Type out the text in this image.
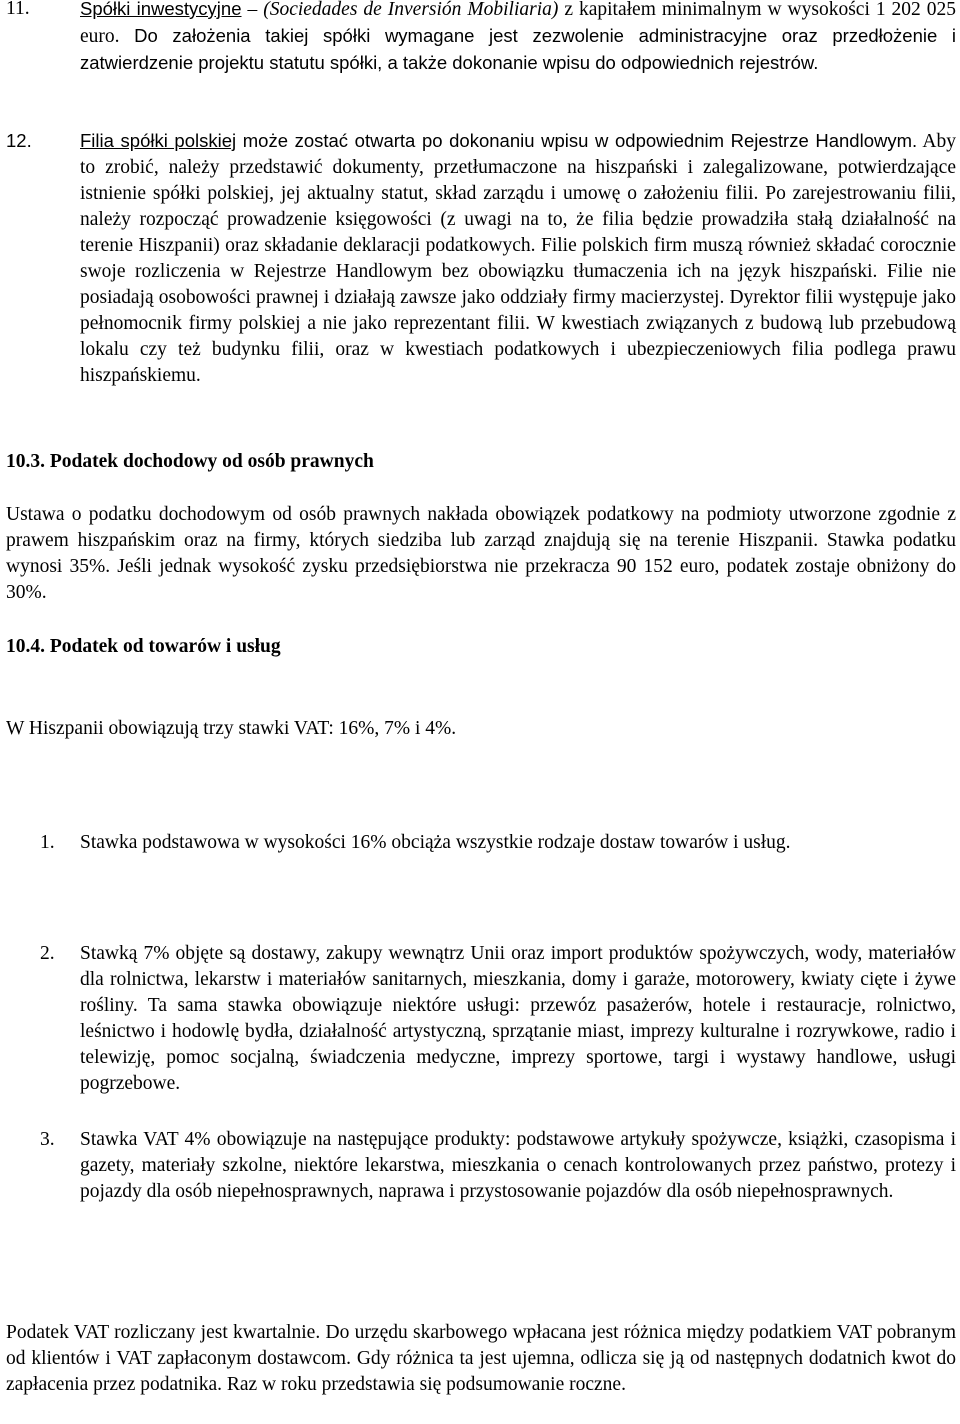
11.	Spółki inwestycyjne – (Sociedades de Inversión Mobiliaria) z kapitałem minimalnym w wysokości 1 202 025 euro. Do założenia takiej spółki wymagane jest zezwolenie administracyjne oraz przedłożenie i zatwierdzenie projektu statutu spółki, a także dokonanie wpisu do odpowiednich rejestrów.
12.	Filia spółki polskiej może zostać otwarta po dokonaniu wpisu w odpowiednim Rejestrze Handlowym. Aby to zrobić, należy przedstawić dokumenty, przetłumaczone na hiszpański i zalegalizowane, potwierdzające istnienie spółki polskiej, jej aktualny statut, skład zarządu i umowę o założeniu filii. Po zarejestrowaniu filii, należy rozpocząć prowadzenie księgowości (z uwagi na to, że filia będzie prowadziła stałą działalność na terenie Hiszpanii) oraz składanie deklaracji podatkowych. Filie polskich firm muszą również składać corocznie swoje rozliczenia w Rejestrze Handlowym bez obowiązku tłumaczenia ich na język hiszpański. Filie nie posiadają osobowości prawnej i działają zawsze jako oddziały firmy macierzystej. Dyrektor filii występuje jako pełnomocnik firmy polskiej a nie jako reprezentant filii. W kwestiach związanych z budową lub przebudową lokalu czy też budynku filii, oraz w kwestiach podatkowych i ubezpieczeniowych filia podlega prawu hiszpańskiemu.

10.3. Podatek dochodowy od osób prawnych

Ustawa o podatku dochodowym od osób prawnych nakłada obowiązek podatkowy na podmioty utworzone zgodnie z prawem hiszpańskim oraz na firmy, których siedziba lub zarząd znajdują się na terenie Hiszpanii. Stawka podatku wynosi 35%. Jeśli jednak wysokość zysku przedsiębiorstwa nie przekracza 90 152 euro, podatek zostaje obniżony do 30%.

10.4. Podatek od towarów i usług

W Hiszpanii obowiązują trzy stawki VAT: 16%, 7% i 4%.

1.	Stawka podstawowa w wysokości 16% obciąża wszystkie rodzaje dostaw towarów i usług.
2.	Stawką 7% objęte są dostawy, zakupy wewnątrz Unii oraz import produktów spożywczych, wody, materiałów dla rolnictwa, lekarstw i materiałów sanitarnych, mieszkania, domy i garaże, motorowery, kwiaty cięte i żywe rośliny. Ta sama stawka obowiązuje niektóre usługi: przewóz pasażerów, hotele i restauracje, rolnictwo, leśnictwo i hodowlę bydła, działalność artystyczną, sprzątanie miast, imprezy kulturalne i rozrywkowe, radio i telewizję, pomoc socjalną, świadczenia medyczne, imprezy sportowe, targi i wystawy handlowe, usługi pogrzebowe.
3.	Stawka VAT 4% obowiązuje na następujące produkty: podstawowe artykuły spożywcze, książki, czasopisma i gazety, materiały szkolne, niektóre lekarstwa, mieszkania o cenach kontrolowanych przez państwo, protezy i pojazdy dla osób niepełnosprawnych, naprawa i przystosowanie pojazdów dla osób niepełnosprawnych.

Podatek VAT rozliczany jest kwartalnie. Do urzędu skarbowego wpłacana jest różnica między podatkiem VAT pobranym od klientów i VAT zapłaconym dostawcom. Gdy różnica ta jest ujemna, odlicza się ją od następnych dodatnich kwot do zapłacenia przez podatnika. Raz w roku przedstawia się podsumowanie roczne.
